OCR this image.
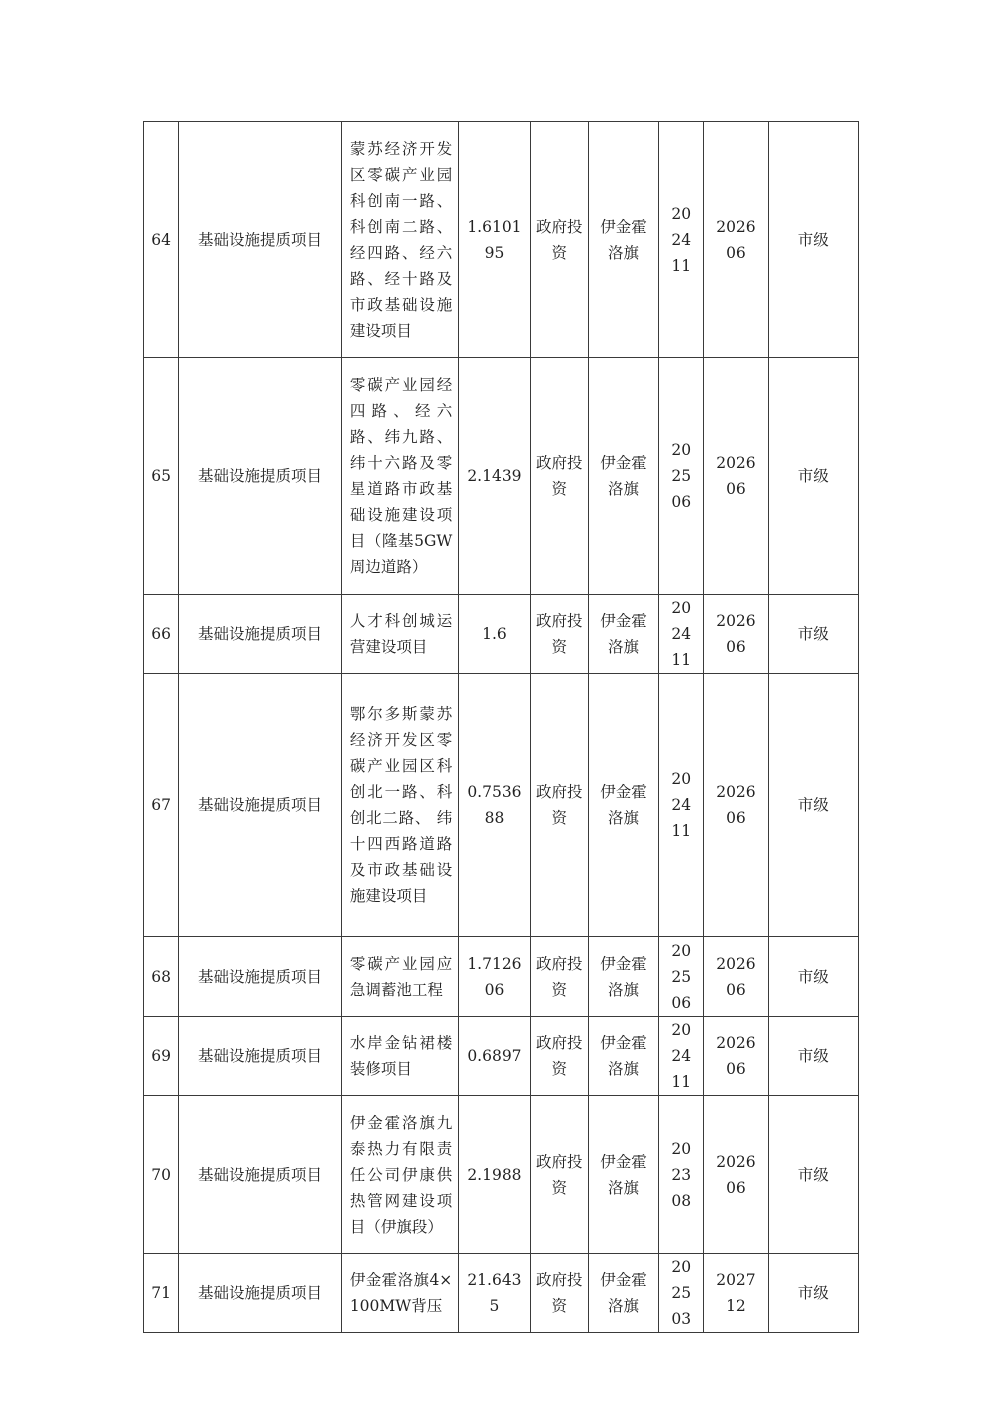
64	基础设施提质项目	蒙苏经济开发区零碳产业园科创南一路、科创南二路、经四路、经六路、经十路及市政基础设施建设项目	1.610195	政府投资	伊金霍洛旗	202411	202606	市级

65	基础设施提质项目	零碳产业园经四路、经六路、纬九路、纬十六路及零星道路市政基础设施建设项目（隆基5GW周边道路）	2.1439	政府投资	伊金霍洛旗	202506	202606	市级

66	基础设施提质项目	人才科创城运营建设项目	1.6	政府投资	伊金霍洛旗	202411	202606	市级

67	基础设施提质项目	鄂尔多斯蒙苏经济开发区零碳产业园区科创北一路、科创北二路、 纬十四西路道路及市政基础设施建设项目	0.753688	政府投资	伊金霍洛旗	202411	202606	市级

68	基础设施提质项目	零碳产业园应急调蓄池工程	1.712606	政府投资	伊金霍洛旗	202506	202606	市级

69	基础设施提质项目	水岸金钻裙楼装修项目	0.6897	政府投资	伊金霍洛旗	202411	202606	市级

70	基础设施提质项目	伊金霍洛旗九泰热力有限责任公司伊康供热管网建设项目（伊旗段）	2.1988	政府投资	伊金霍洛旗	202308	202606	市级

71	基础设施提质项目	伊金霍洛旗4×100MW背压	21.6435	政府投资	伊金霍洛旗	202503	202712	市级
